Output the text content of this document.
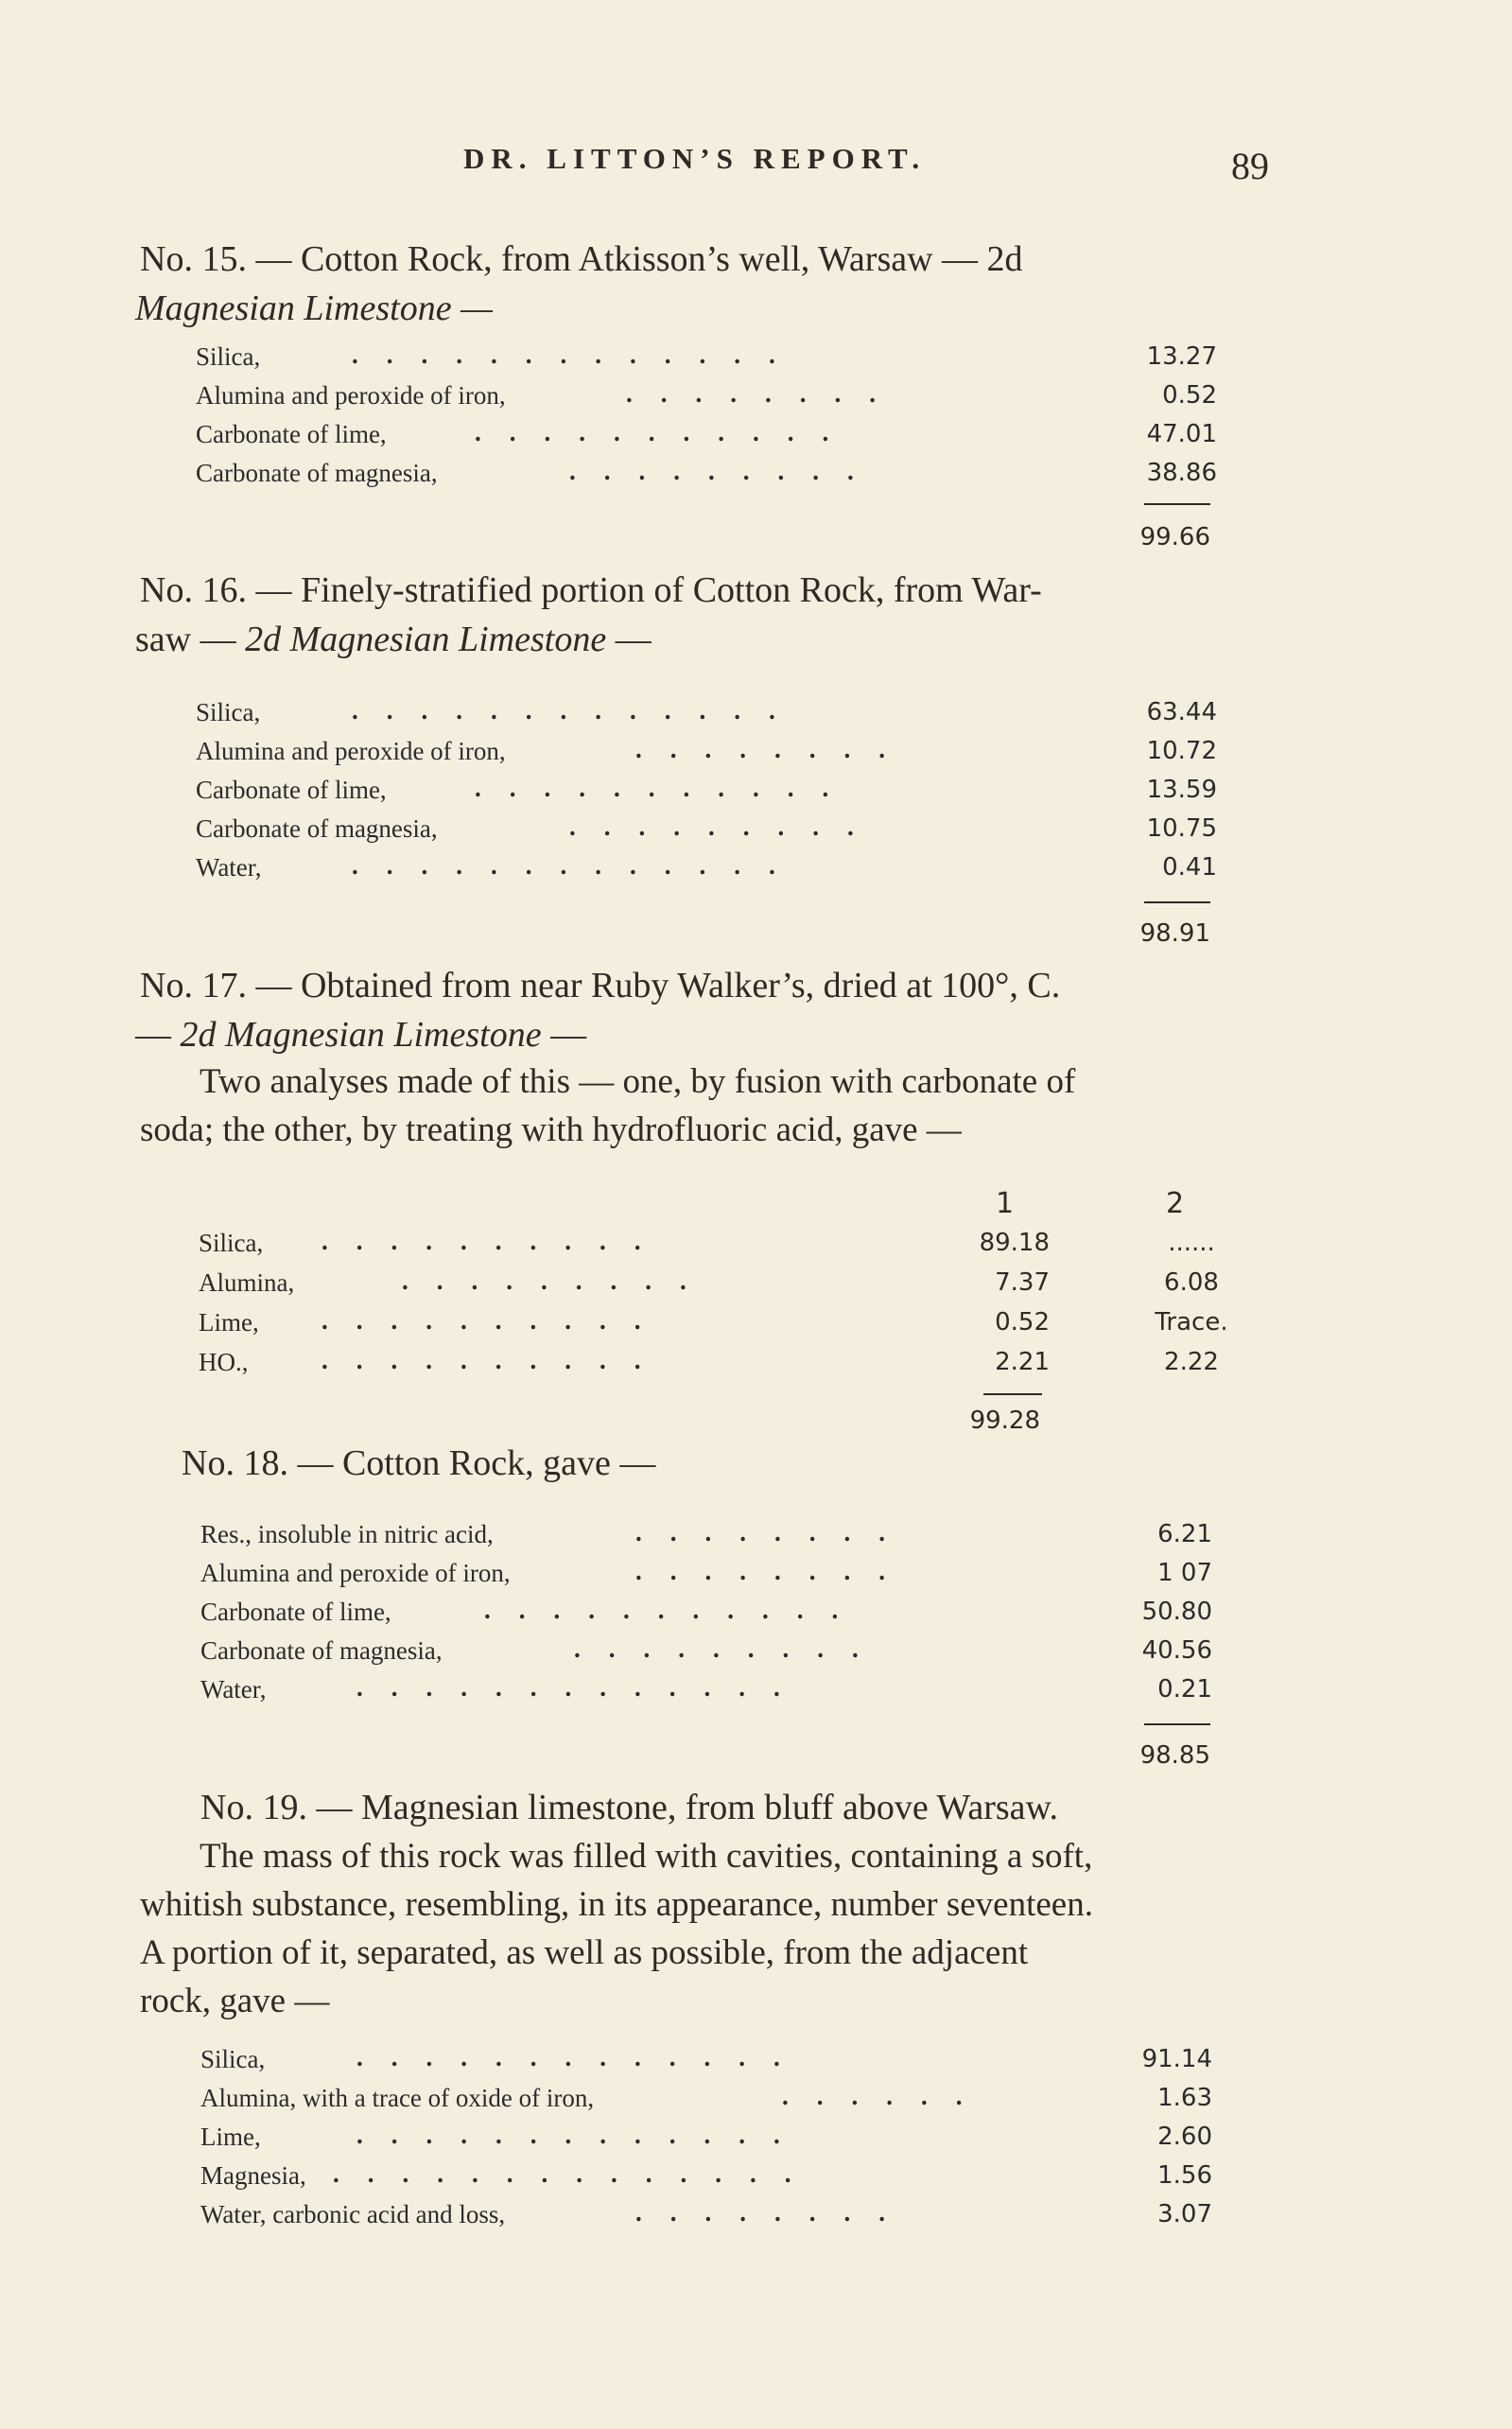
DR. LITTON’S REPORT.	89
No. 15. — Cotton Rock, from Atkisson’s well, Warsaw — 2d
Magnesian Limestone —
Silica,	.............	13.27
Alumina and peroxide of iron,	........	0.52
Carbonate of lime,	...........	47.01
Carbonate of magnesia,	.........	38.86
99.66
No. 16. — Finely-stratified portion of Cotton Rock, from War-
saw — 2d Magnesian Limestone —
Silica,	.............	63.44
Alumina and peroxide of iron,	........	10.72
Carbonate of lime,	...........	13.59
Carbonate of magnesia,	.........	10.75
Water,	.............	0.41
98.91
No. 17. — Obtained from near Ruby Walker’s, dried at 100°, C.
— 2d Magnesian Limestone —
Two analyses made of this — one, by fusion with carbonate of
soda; the other, by treating with hydrofluoric acid, gave —
1	2
Silica, ..........	89.18	......
Alumina,	.........	7.37	6.08
Lime, ..........	0.52	Trace.
HO.,	..........	2.21	2.22
99.28
No. 18. — Cotton Rock, gave —
Res., insoluble in nitric acid,	........	6.21
Alumina and peroxide of iron,	........	1 07
Carbonate of lime,	...........	50.80
Carbonate of magnesia,	.........	40.56
Water,	.............	0.21
98.85
No. 19. — Magnesian limestone, from bluff above Warsaw.
The mass of this rock was filled with cavities, containing a soft,
whitish substance, resembling, in its appearance, number seventeen.
A portion of it, separated, as well as possible, from the adjacent
rock, gave —
Silica,	.............	91.14
Alumina, with a trace of oxide of iron,	......	1.63
Lime,	.............	2.60
Magnesia, ..............	1.56
Water, carbonic acid and loss,	........	3.07
